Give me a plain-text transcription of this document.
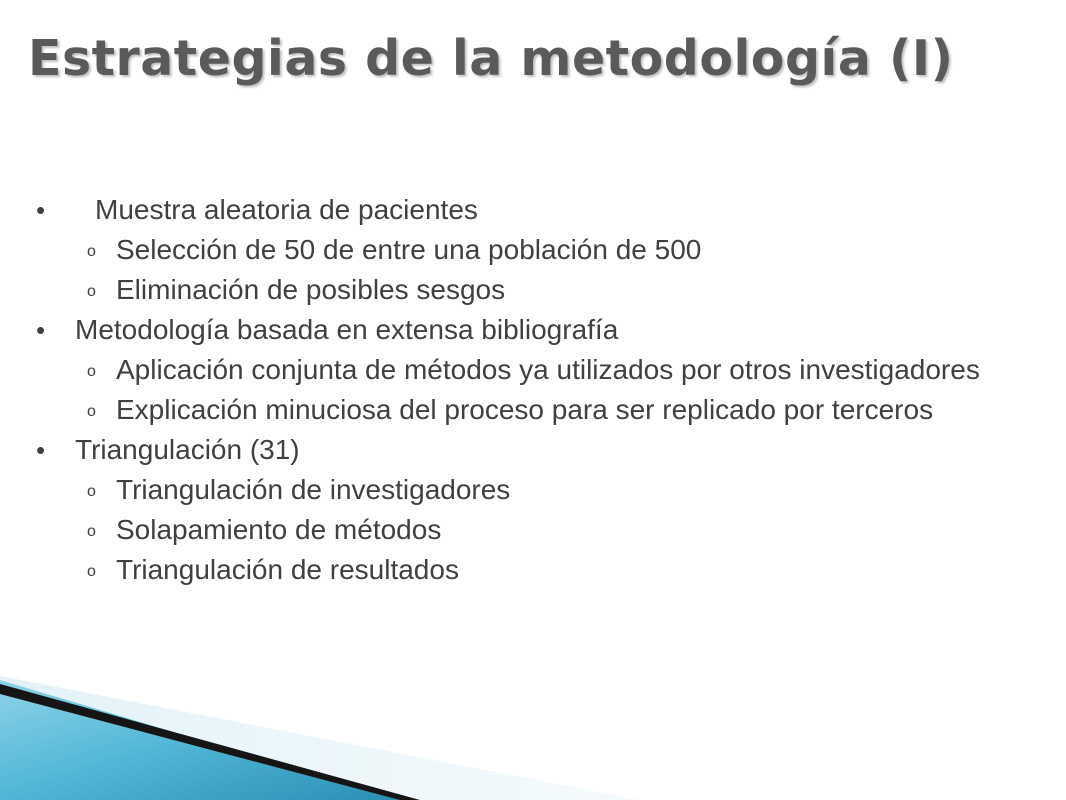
Estrategias de la metodología (I)
• Muestra aleatoria de pacientes
o Selección de 50 de entre una población de 500
o Eliminación de posibles sesgos
• Metodología basada en extensa bibliografía
o Aplicación conjunta de métodos ya utilizados por otros investigadores
o Explicación minuciosa del proceso para ser replicado por terceros
• Triangulación (31)
o Triangulación de investigadores
o Solapamiento de métodos
o Triangulación de resultados
